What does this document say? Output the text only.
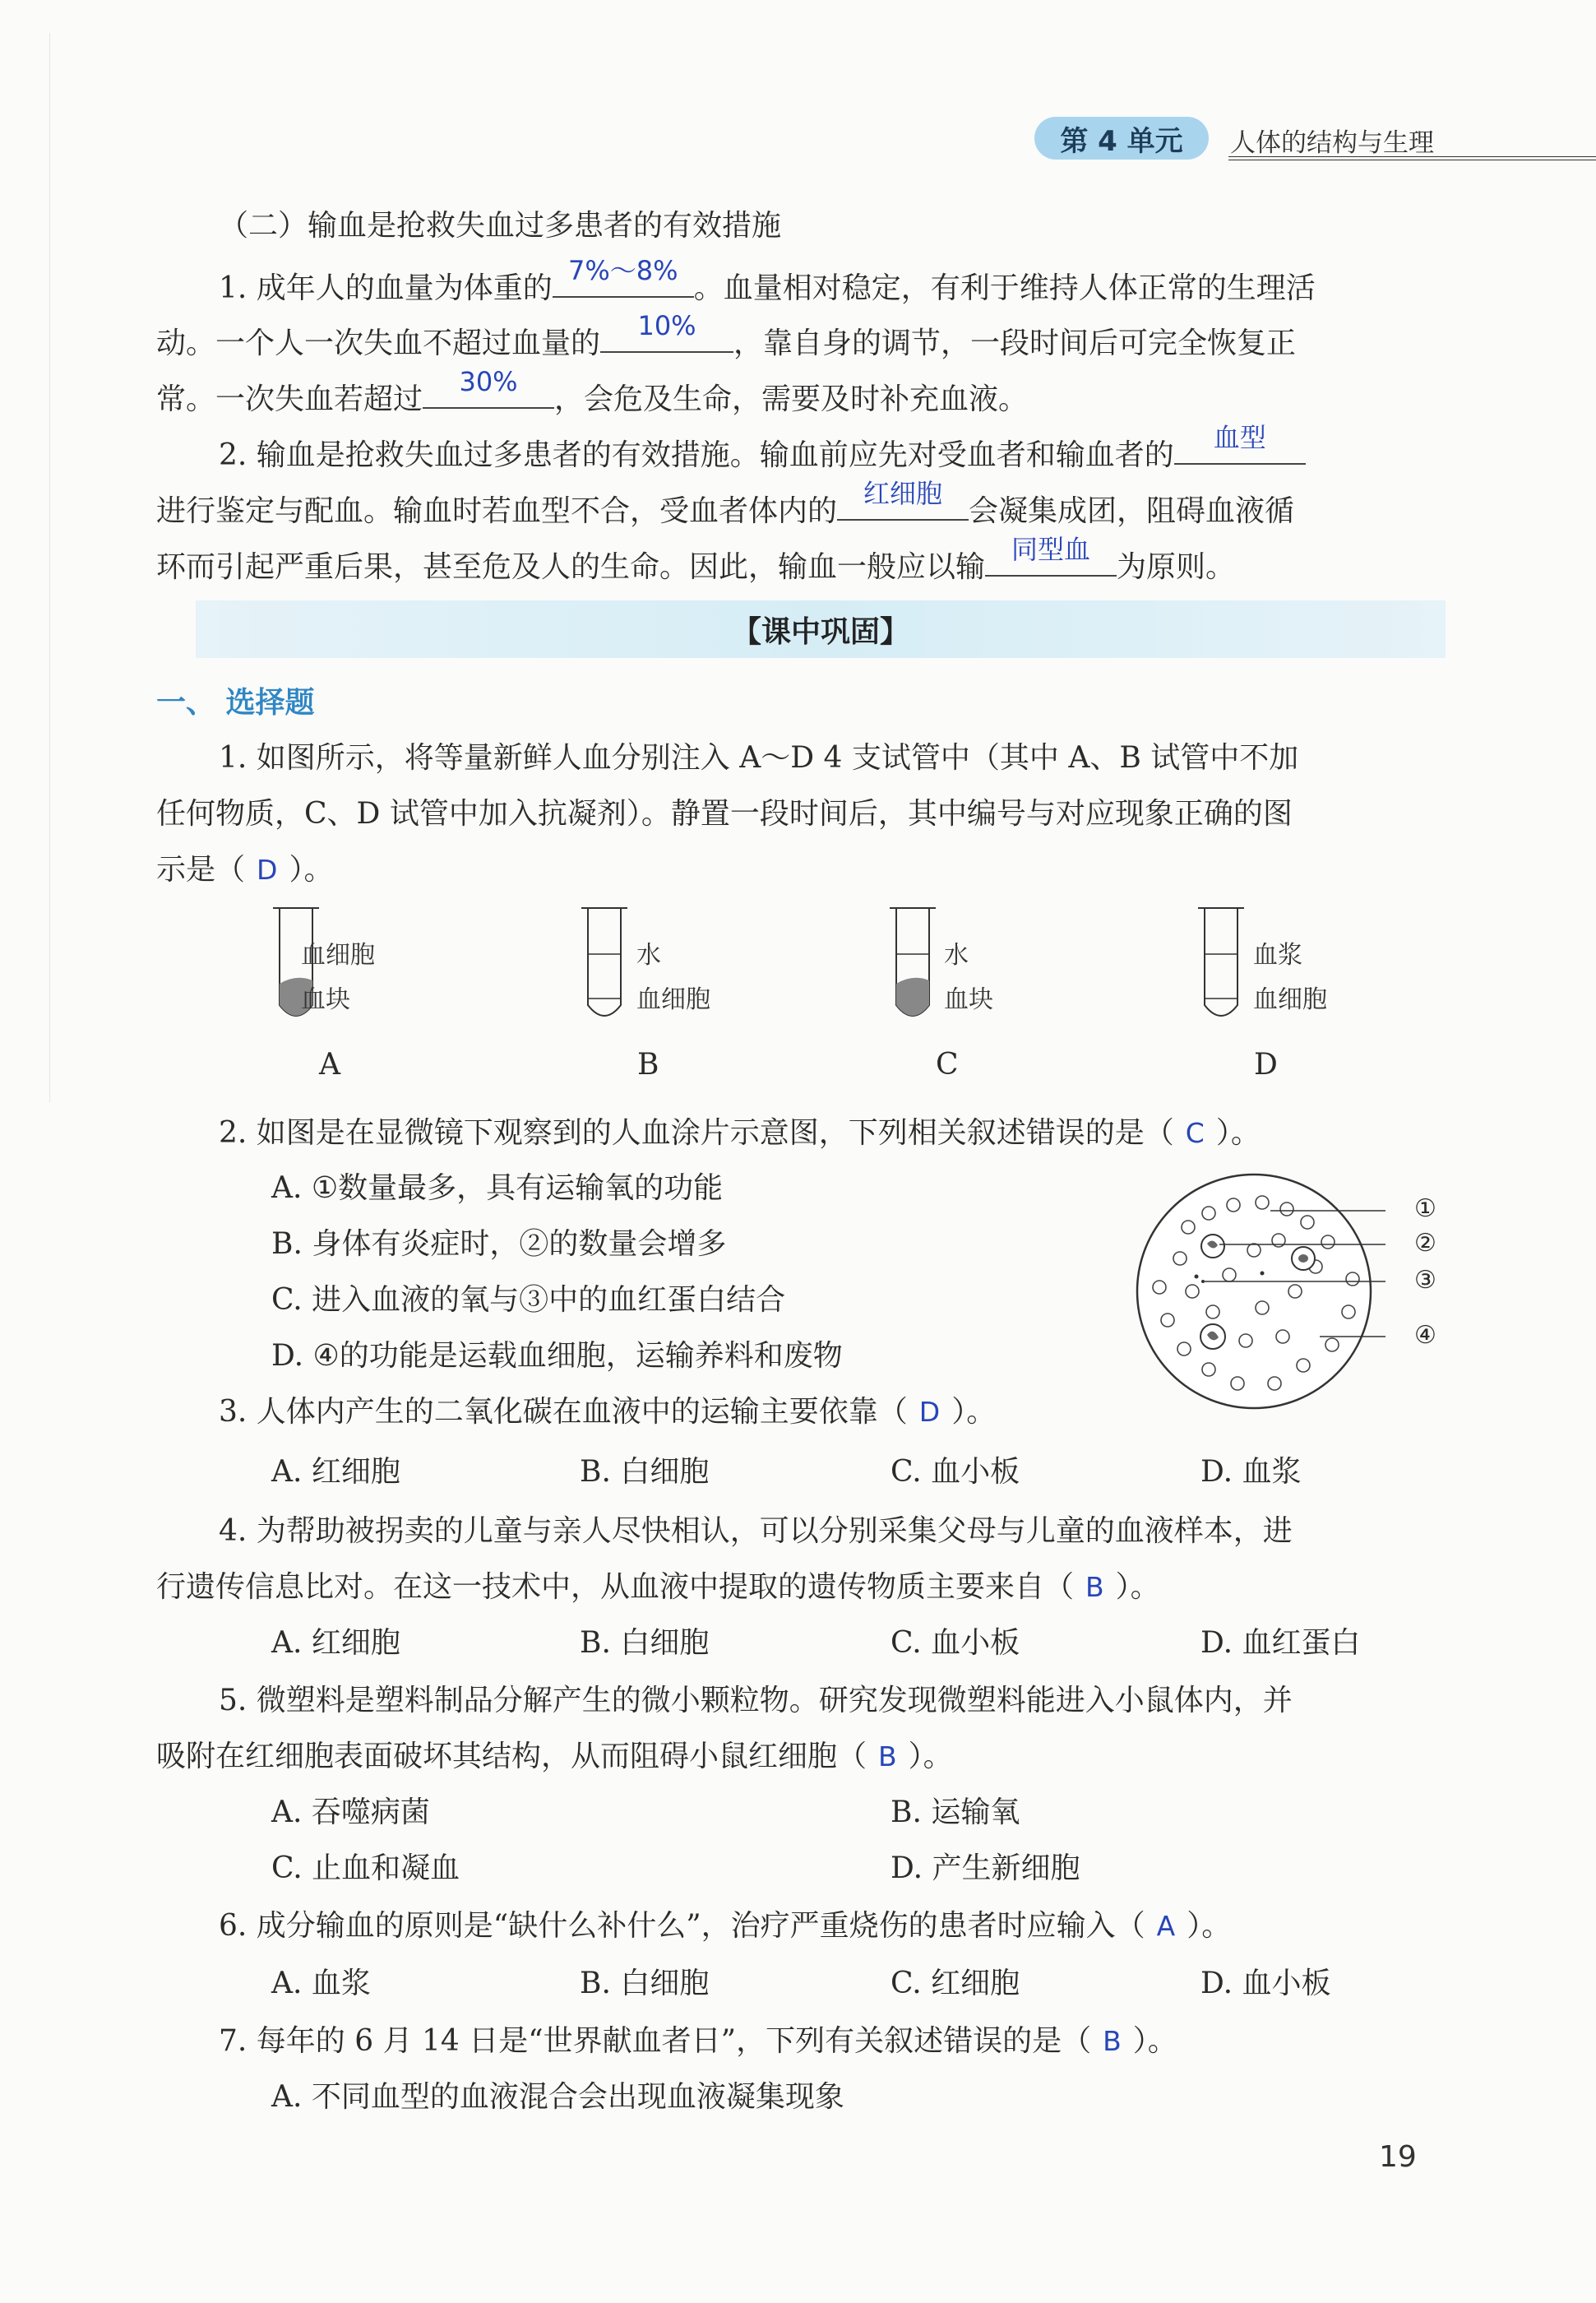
第 4 单元	人体的结构与生理
（二）输血是抢救失血过多患者的有效措施
1. 成年人的血量为体重的
7%～8%
。血量相对稳定，有利于维持人体正常的生理活
动。一个人一次失血不超过血量的
10%
，靠自身的调节，一段时间后可完全恢复正
常。一次失血若超过
30%
，会危及生命，需要及时补充血液。
2. 输血是抢救失血过多患者的有效措施。输血前应先对受血者和输血者的
血型
进行鉴定与配血。输血时若血型不合，受血者体内的
红细胞
会凝集成团，阻碍血液循
环而引起严重后果，甚至危及人的生命。因此，输血一般应以输
同型血
为原则。
【课中巩固】
一、 选择题
1. 如图所示，将等量新鲜人血分别注入 A～D 4 支试管中（其中 A、B 试管中不加
任何物质，C、D 试管中加入抗凝剂）。静置一段时间后，其中编号与对应现象正确的图
示是（ D ）。
血细胞
血块
A
水
血细胞
B
水
血块
C
血浆
血细胞
D
2. 如图是在显微镜下观察到的人血涂片示意图，下列相关叙述错误的是（ C ）。
A. ①数量最多，具有运输氧的功能
B. 身体有炎症时，②的数量会增多
C. 进入血液的氧与③中的血红蛋白结合
D. ④的功能是运载血细胞，运输养料和废物
①
②
③
④
3. 人体内产生的二氧化碳在血液中的运输主要依靠（ D ）。
A. 红细胞	B. 白细胞	C. 血小板	D. 血浆
4. 为帮助被拐卖的儿童与亲人尽快相认，可以分别采集父母与儿童的血液样本，进
行遗传信息比对。在这一技术中，从血液中提取的遗传物质主要来自（ B ）。
A. 红细胞	B. 白细胞	C. 血小板	D. 血红蛋白
5. 微塑料是塑料制品分解产生的微小颗粒物。研究发现微塑料能进入小鼠体内，并
吸附在红细胞表面破坏其结构，从而阻碍小鼠红细胞（ B ）。
A. 吞噬病菌	B. 运输氧
C. 止血和凝血	D. 产生新细胞
6. 成分输血的原则是“缺什么补什么”，治疗严重烧伤的患者时应输入（ A ）。
A. 血浆	B. 白细胞	C. 红细胞	D. 血小板
7. 每年的 6 月 14 日是“世界献血者日”，下列有关叙述错误的是（ B ）。
A. 不同血型的血液混合会出现血液凝集现象
19
